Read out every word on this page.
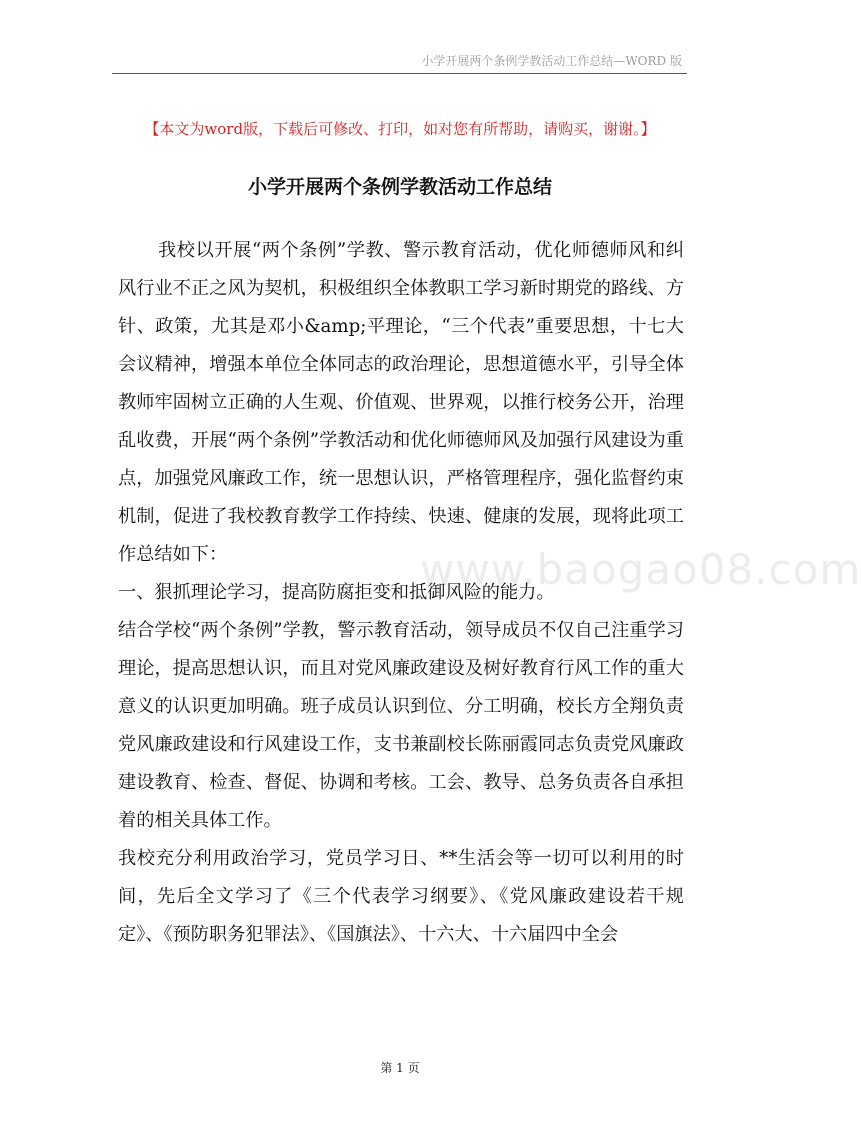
小学开展两个条例学教活动工作总结—WORD 版
【本文为word版，下载后可修改、打印，如对您有所帮助，请购买，谢谢。】
小学开展两个条例学教活动工作总结

我校以开展“两个条例”学教、警示教育活动，优化师德师风和纠风行业不正之风为契机，积极组织全体教职工学习新时期党的路线、方针、政策，尤其是邓小&amp;平理论，“三个代表”重要思想，十七大会议精神，增强本单位全体同志的政治理论，思想道德水平，引导全体教师牢固树立正确的人生观、价值观、世界观，以推行校务公开，治理乱收费，开展“两个条例”学教活动和优化师德师风及加强行风建设为重点，加强党风廉政工作，统一思想认识，严格管理程序，强化监督约束机制，促进了我校教育教学工作持续、快速、健康的发展，现将此项工作总结如下：

一、狠抓理论学习，提高防腐拒变和抵御风险的能力。

结合学校“两个条例”学教，警示教育活动，领导成员不仅自己注重学习理论，提高思想认识，而且对党风廉政建设及树好教育行风工作的重大意义的认识更加明确。班子成员认识到位、分工明确，校长方全翔负责党风廉政建设和行风建设工作，支书兼副校长陈丽霞同志负责党风廉政建设教育、检查、督促、协调和考核。工会、教导、总务负责各自承担着的相关具体工作。

我校充分利用政治学习，党员学习日、**生活会等一切可以利用的时间，先后全文学习了《三个代表学习纲要》、《党风廉政建设若干规定》、《预防职务犯罪法》、《国旗法》、十六大、十六届四中全会

www.baogao08.com
第 1 页
